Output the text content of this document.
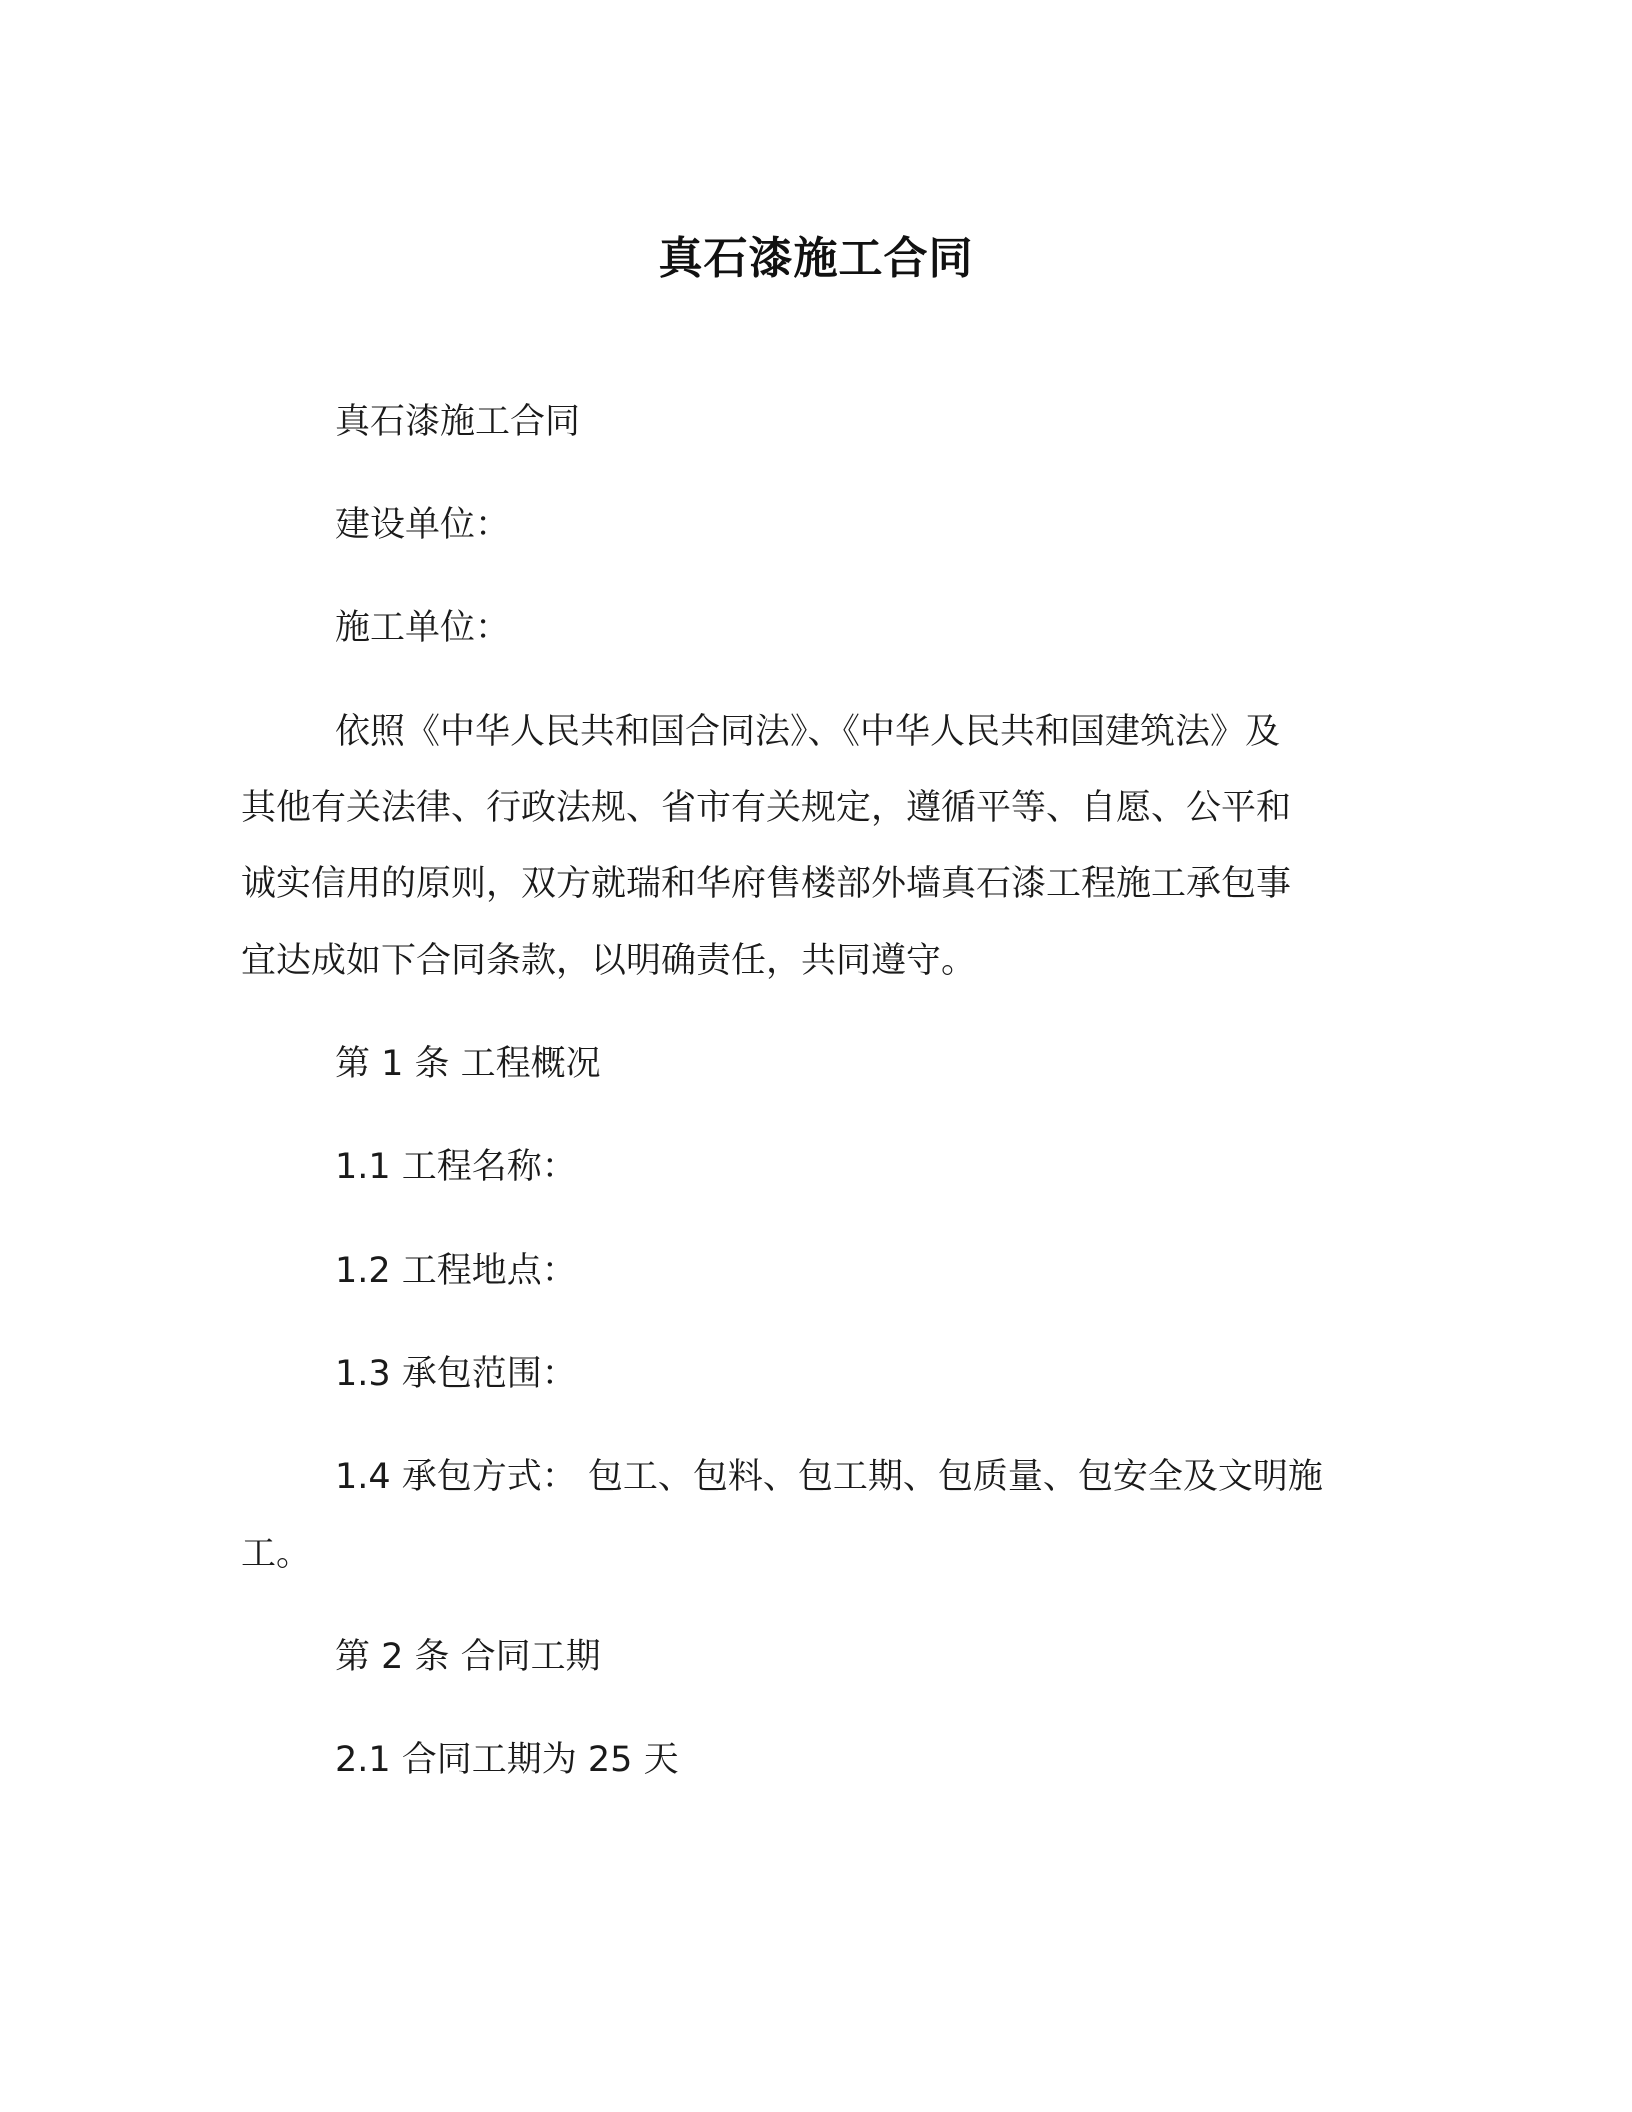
真石漆施工合同
真石漆施工合同
建设单位：
施工单位：
依照《中华人民共和国合同法》、《中华人民共和国建筑法》及
其他有关法律、行政法规、省市有关规定，遵循平等、自愿、公平和
诚实信用的原则，双方就瑞和华府售楼部外墙真石漆工程施工承包事
宜达成如下合同条款，以明确责任，共同遵守。
第 1 条 工程概况
1.1 工程名称：
1.2 工程地点：
1.3 承包范围：
1.4 承包方式： 包工、包料、包工期、包质量、包安全及文明施
工。
第 2 条 合同工期
2.1 合同工期为 25 天
